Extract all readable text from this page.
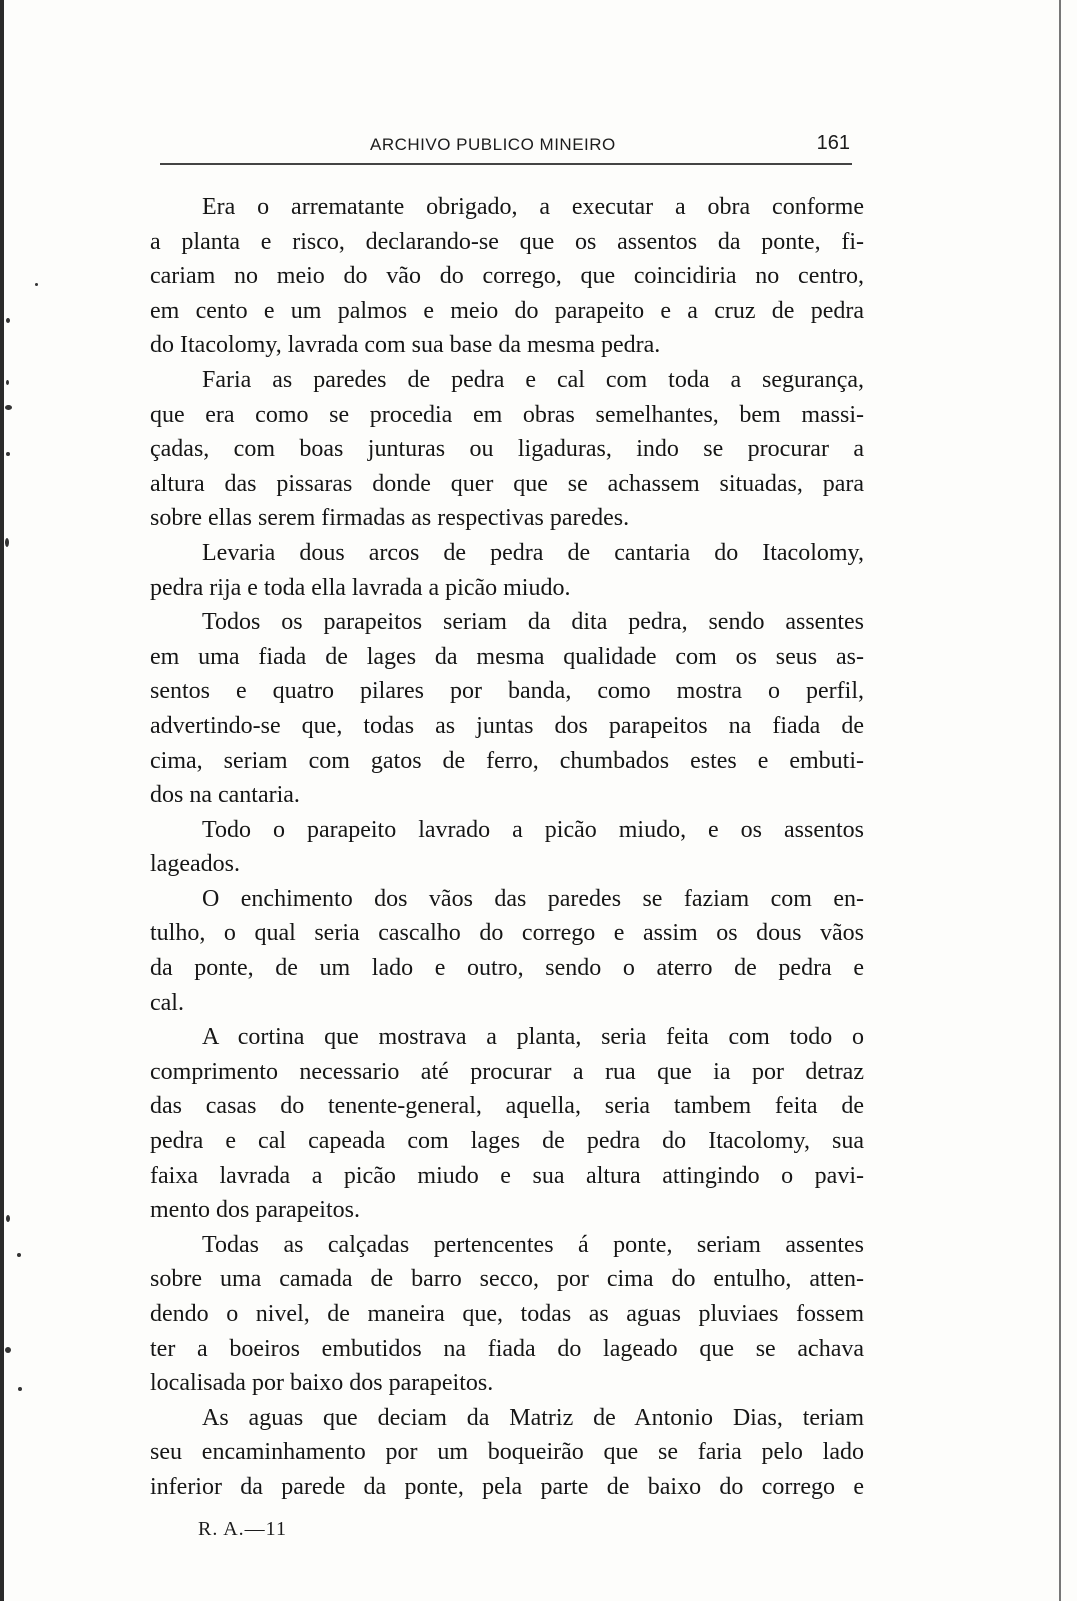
ARCHIVO PUBLICO MINEIRO	161
Era o arrematante obrigado, a executar a obra conforme
a planta e risco, declarando-se que os assentos da ponte, fi-
cariam no meio do vão do corrego, que coincidiria no centro,
em cento e um palmos e meio do parapeito e a cruz de pedra
do Itacolomy, lavrada com sua base da mesma pedra.
Faria as paredes de pedra e cal com toda a segurança,
que era como se procedia em obras semelhantes, bem massi-
çadas, com boas junturas ou ligaduras, indo se procurar a
altura das pissaras donde quer que se achassem situadas, para
sobre ellas serem firmadas as respectivas paredes.
Levaria dous arcos de pedra de cantaria do Itacolomy,
pedra rija e toda ella lavrada a picão miudo.
Todos os parapeitos seriam da dita pedra, sendo assentes
em uma fiada de lages da mesma qualidade com os seus as-
sentos e quatro pilares por banda, como mostra o perfil,
advertindo-se que, todas as juntas dos parapeitos na fiada de
cima, seriam com gatos de ferro, chumbados estes e embuti-
dos na cantaria.
Todo o parapeito lavrado a picão miudo, e os assentos
lageados.
O enchimento dos vãos das paredes se faziam com en-
tulho, o qual seria cascalho do corrego e assim os dous vãos
da ponte, de um lado e outro, sendo o aterro de pedra e
cal.
A cortina que mostrava a planta, seria feita com todo o
comprimento necessario até procurar a rua que ia por detraz
das casas do tenente-general, aquella, seria tambem feita de
pedra e cal capeada com lages de pedra do Itacolomy, sua
faixa lavrada a picão miudo e sua altura attingindo o pavi-
mento dos parapeitos.
Todas as calçadas pertencentes á ponte, seriam assentes
sobre uma camada de barro secco, por cima do entulho, atten-
dendo o nivel, de maneira que, todas as aguas pluviaes fossem
ter a boeiros embutidos na fiada do lageado que se achava
localisada por baixo dos parapeitos.
As aguas que deciam da Matriz de Antonio Dias, teriam
seu encaminhamento por um boqueirão que se faria pelo lado
inferior da parede da ponte, pela parte de baixo do corrego e
R. A.—11
